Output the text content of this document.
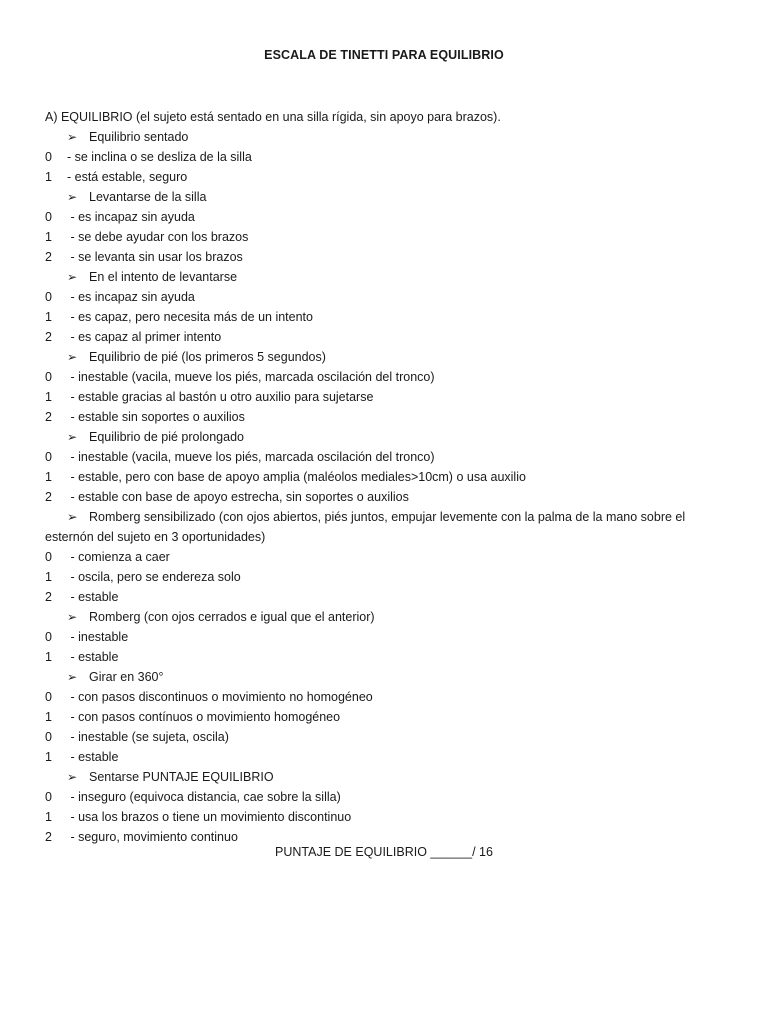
ESCALA DE TINETTI PARA EQUILIBRIO
A) EQUILIBRIO (el sujeto está sentado en una silla rígida, sin apoyo para brazos).
➢ Equilibrio sentado
0 - se inclina o se desliza de la silla
1 - está estable, seguro
➢ Levantarse de la silla
0 - es incapaz sin ayuda
1 - se debe ayudar con los brazos
2 - se levanta sin usar los brazos
➢ En el intento de levantarse
0 - es incapaz sin ayuda
1 - es capaz, pero necesita más de un intento
2 - es capaz al primer intento
➢ Equilibrio de pié (los primeros 5 segundos)
0 - inestable (vacila, mueve los piés, marcada oscilación del tronco)
1 - estable gracias al bastón u otro auxilio para sujetarse
2 - estable sin soportes o auxilios
➢ Equilibrio de pié prolongado
0 - inestable (vacila, mueve los piés, marcada oscilación del tronco)
1 - estable, pero con base de apoyo amplia (maléolos mediales>10cm) o usa auxilio
2 - estable con base de apoyo estrecha, sin soportes o auxilios
➢ Romberg sensibilizado (con ojos abiertos, piés juntos, empujar levemente con la palma de la mano sobre el
esternón del sujeto en 3 oportunidades)
0 - comienza a caer
1 - oscila, pero se endereza solo
2 - estable
➢ Romberg (con ojos cerrados e igual que el anterior)
0 - inestable
1 - estable
➢ Girar en 360°
0 - con pasos discontinuos o movimiento no homogéneo
1 - con pasos contínuos o movimiento homogéneo
0 - inestable (se sujeta, oscila)
1 - estable
➢ Sentarse PUNTAJE EQUILIBRIO
0 - inseguro (equivoca distancia, cae sobre la silla)
1 - usa los brazos o tiene un movimiento discontinuo
2 - seguro, movimiento continuo
PUNTAJE DE EQUILIBRIO ______/ 16
